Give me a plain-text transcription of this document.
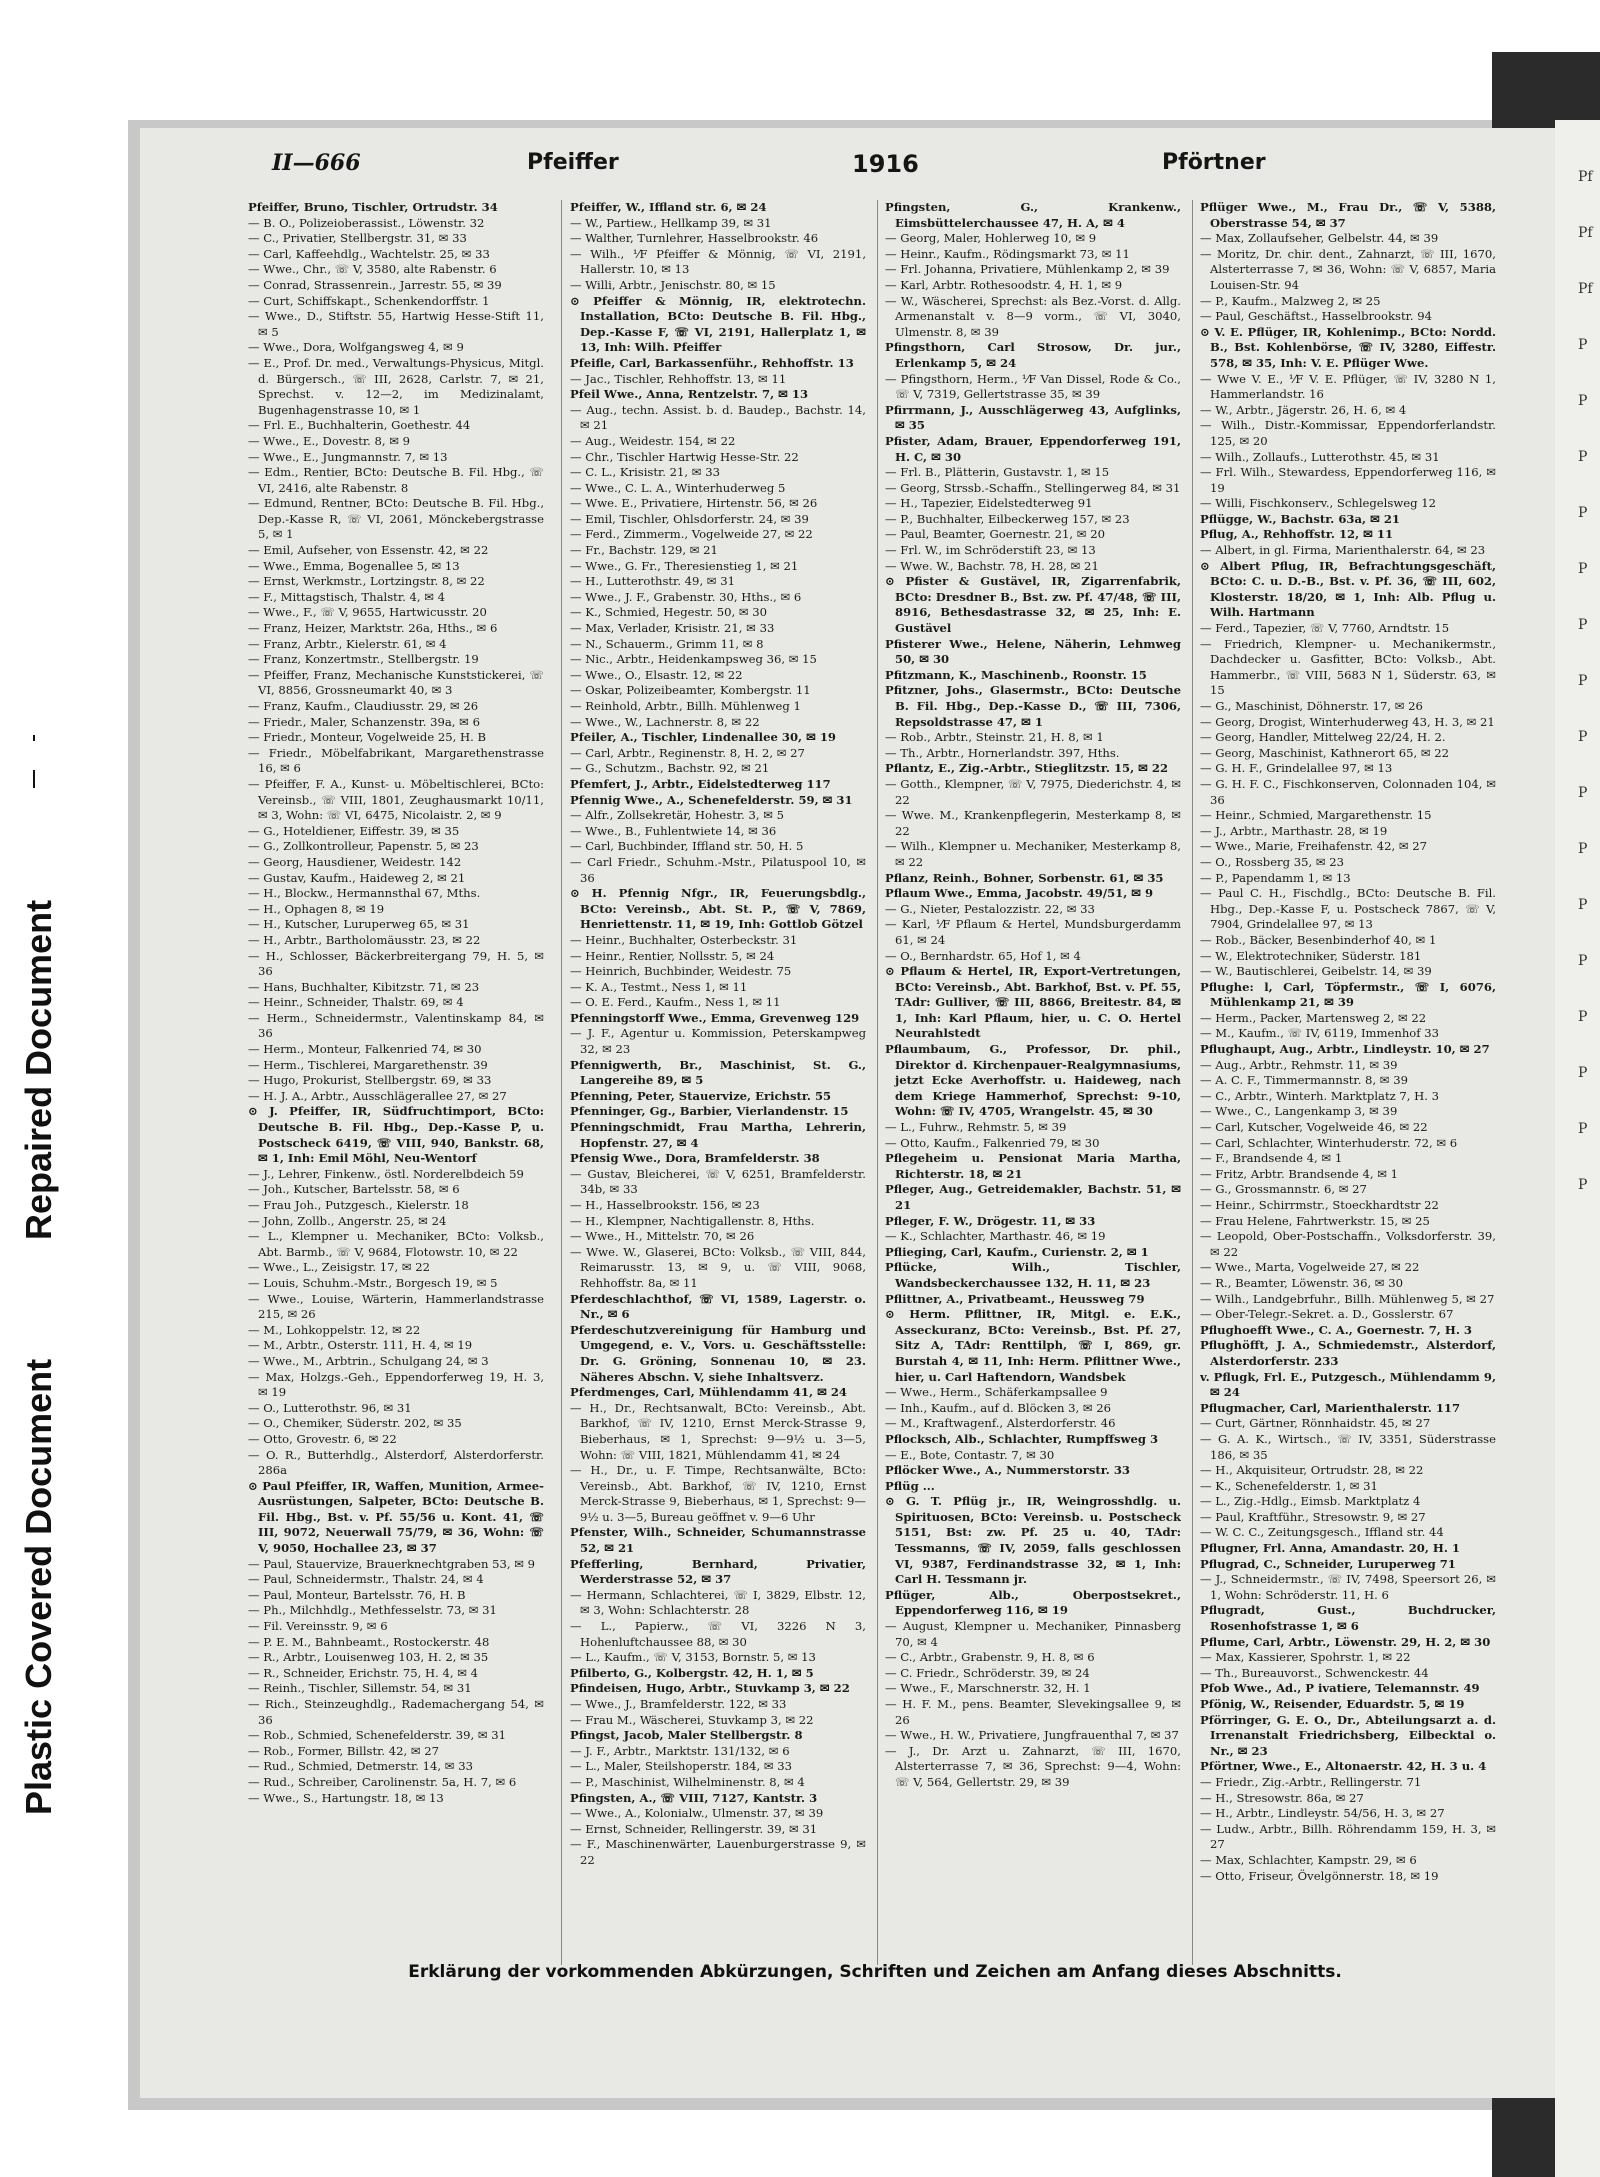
Plastic Covered Document
Repaired Document
Pf
Pf
Pf
P
P
P
P
P
P
P
P
P
P
P
P
P
P
P
P
II—666	Pfeiffer	1916	Pförtner

Pfeiffer, Bruno, Tischler, Ortrudstr. 34

— B. O., Polizeioberassist., Löwenstr. 32

— C., Privatier, Stellbergstr. 31, ✉ 33

— Carl, Kaffeehdlg., Wachtelstr. 25, ✉ 33

— Wwe., Chr., ☏ V, 3580, alte Rabenstr. 6

— Conrad, Strassenrein., Jarrestr. 55, ✉ 39

— Curt, Schiffskapt., Schenkendorffstr. 1

— Wwe., D., Stiftstr. 55, Hartwig Hesse-Stift 11, ✉ 5

— Wwe., Dora, Wolfgangsweg 4, ✉ 9

— E., Prof. Dr. med., Verwaltungs-Physicus, Mitgl. d. Bürgersch., ☏ III, 2628, Carlstr. 7, ✉ 21, Sprechst. v. 12—2, im Medizinalamt, Bugenhagenstrasse 10, ✉ 1

— Frl. E., Buchhalterin, Goethestr. 44

— Wwe., E., Dovestr. 8, ✉ 9

— Wwe., E., Jungmannstr. 7, ✉ 13

— Edm., Rentier, BCto: Deutsche B. Fil. Hbg., ☏ VI, 2416, alte Rabenstr. 8

— Edmund, Rentner, BCto: Deutsche B. Fil. Hbg., Dep.-Kasse R, ☏ VI, 2061, Mönckebergstrasse 5, ✉ 1

— Emil, Aufseher, von Essenstr. 42, ✉ 22

— Wwe., Emma, Bogenallee 5, ✉ 13

— Ernst, Werkmstr., Lortzingstr. 8, ✉ 22

— F., Mittagstisch, Thalstr. 4, ✉ 4

— Wwe., F., ☏ V, 9655, Hartwicusstr. 20

— Franz, Heizer, Marktstr. 26a, Hths., ✉ 6

— Franz, Arbtr., Kielerstr. 61, ✉ 4

— Franz, Konzertmstr., Stellbergstr. 19

— Pfeiffer, Franz, Mechanische Kunststickerei, ☏ VI, 8856, Grossneumarkt 40, ✉ 3

— Franz, Kaufm., Claudiusstr. 29, ✉ 26

— Friedr., Maler, Schanzenstr. 39a, ✉ 6

— Friedr., Monteur, Vogelweide 25, H. B

— Friedr., Möbelfabrikant, Margarethenstrasse 16, ✉ 6

— Pfeiffer, F. A., Kunst- u. Möbeltischlerei, BCto: Vereinsb., ☏ VIII, 1801, Zeughausmarkt 10/11, ✉ 3, Wohn: ☏ VI, 6475, Nicolaistr. 2, ✉ 9

— G., Hoteldiener, Eiffestr. 39, ✉ 35

— G., Zollkontrolleur, Papenstr. 5, ✉ 23

— Georg, Hausdiener, Weidestr. 142

— Gustav, Kaufm., Haideweg 2, ✉ 21

— H., Blockw., Hermannsthal 67, Mths.

— H., Ophagen 8, ✉ 19

— H., Kutscher, Luruperweg 65, ✉ 31

— H., Arbtr., Bartholomäusstr. 23, ✉ 22

— H., Schlosser, Bäckerbreitergang 79, H. 5, ✉ 36

— Hans, Buchhalter, Kibitzstr. 71, ✉ 23

— Heinr., Schneider, Thalstr. 69, ✉ 4

— Herm., Schneidermstr., Valentinskamp 84, ✉ 36

— Herm., Monteur, Falkenried 74, ✉ 30

— Herm., Tischlerei, Margarethenstr. 39

— Hugo, Prokurist, Stellbergstr. 69, ✉ 33

— H. J. A., Arbtr., Ausschlägerallee 27, ✉ 27

⊙ J. Pfeiffer, IR, Südfruchtimport, BCto: Deutsche B. Fil. Hbg., Dep.-Kasse P, u. Postscheck 6419, ☏ VIII, 940, Bankstr. 68, ✉ 1, Inh: Emil Möhl, Neu-Wentorf

— J., Lehrer, Finkenw., östl. Norderelbdeich 59

— Joh., Kutscher, Bartelsstr. 58, ✉ 6

— Frau Joh., Putzgesch., Kielerstr. 18

— John, Zollb., Angerstr. 25, ✉ 24

— L., Klempner u. Mechaniker, BCto: Volksb., Abt. Barmb., ☏ V, 9684, Flotowstr. 10, ✉ 22

— Wwe., L., Zeisigstr. 17, ✉ 22

— Louis, Schuhm.-Mstr., Borgesch 19, ✉ 5

— Wwe., Louise, Wärterin, Hammerlandstrasse 215, ✉ 26

— M., Lohkoppelstr. 12, ✉ 22

— M., Arbtr., Osterstr. 111, H. 4, ✉ 19

— Wwe., M., Arbtrin., Schulgang 24, ✉ 3

— Max, Holzgs.-Geh., Eppendorferweg 19, H. 3, ✉ 19

— O., Lutterothstr. 96, ✉ 31

— O., Chemiker, Süderstr. 202, ✉ 35

— Otto, Grovestr. 6, ✉ 22

— O. R., Butterhdlg., Alsterdorf, Alsterdorferstr. 286a

⊙ Paul Pfeiffer, IR, Waffen, Munition, Armee-Ausrüstungen, Salpeter, BCto: Deutsche B. Fil. Hbg., Bst. v. Pf. 55/56 u. Kont. 41, ☏ III, 9072, Neuerwall 75/79, ✉ 36, Wohn: ☏ V, 9050, Hochallee 23, ✉ 37

— Paul, Stauervize, Brauerknechtgraben 53, ✉ 9

— Paul, Schneidermstr., Thalstr. 24, ✉ 4

— Paul, Monteur, Bartelsstr. 76, H. B

— Ph., Milchhdlg., Methfesselstr. 73, ✉ 31

— Fil. Vereinsstr. 9, ✉ 6

— P. E. M., Bahnbeamt., Rostockerstr. 48

— R., Arbtr., Louisenweg 103, H. 2, ✉ 35

— R., Schneider, Erichstr. 75, H. 4, ✉ 4

— Reinh., Tischler, Sillemstr. 54, ✉ 31

— Rich., Steinzeughdlg., Rademachergang 54, ✉ 36

— Rob., Schmied, Schenefelderstr. 39, ✉ 31

— Rob., Former, Billstr. 42, ✉ 27

— Rud., Schmied, Detmerstr. 14, ✉ 33

— Rud., Schreiber, Carolinenstr. 5a, H. 7, ✉ 6

— Wwe., S., Hartungstr. 18, ✉ 13

Pfeiffer, W., Iffland str. 6, ✉ 24

— W., Partiew., Hellkamp 39, ✉ 31

— Walther, Turnlehrer, Hasselbrookstr. 46

— Wilh., ⅟F Pfeiffer & Mönnig, ☏ VI, 2191, Hallerstr. 10, ✉ 13

— Willi, Arbtr., Jenischstr. 80, ✉ 15

⊙ Pfeiffer & Mönnig, IR, elektrotechn. Installation, BCto: Deutsche B. Fil. Hbg., Dep.-Kasse F, ☏ VI, 2191, Hallerplatz 1, ✉ 13, Inh: Wilh. Pfeiffer

Pfeifle, Carl, Barkassenführ., Rehhoffstr. 13

— Jac., Tischler, Rehhoffstr. 13, ✉ 11

Pfeil Wwe., Anna, Rentzelstr. 7, ✉ 13

— Aug., techn. Assist. b. d. Baudep., Bachstr. 14, ✉ 21

— Aug., Weidestr. 154, ✉ 22

— Chr., Tischler Hartwig Hesse-Str. 22

— C. L., Krisistr. 21, ✉ 33

— Wwe., C. L. A., Winterhuderweg 5

— Wwe. E., Privatiere, Hirtenstr. 56, ✉ 26

— Emil, Tischler, Ohlsdorferstr. 24, ✉ 39

— Ferd., Zimmerm., Vogelweide 27, ✉ 22

— Fr., Bachstr. 129, ✉ 21

— Wwe., G. Fr., Theresienstieg 1, ✉ 21

— H., Lutterothstr. 49, ✉ 31

— Wwe., J. F., Grabenstr. 30, Hths., ✉ 6

— K., Schmied, Hegestr. 50, ✉ 30

— Max, Verlader, Krisistr. 21, ✉ 33

— N., Schauerm., Grimm 11, ✉ 8

— Nic., Arbtr., Heidenkampsweg 36, ✉ 15

— Wwe., O., Elsastr. 12, ✉ 22

— Oskar, Polizeibeamter, Kombergstr. 11

— Reinhold, Arbtr., Billh. Mühlenweg 1

— Wwe., W., Lachnerstr. 8, ✉ 22

Pfeiler, A., Tischler, Lindenallee 30, ✉ 19

— Carl, Arbtr., Reginenstr. 8, H. 2, ✉ 27

— G., Schutzm., Bachstr. 92, ✉ 21

Pfemfert, J., Arbtr., Eidelstedterweg 117

Pfennig Wwe., A., Schenefelderstr. 59, ✉ 31

— Alfr., Zollsekretär, Hohestr. 3, ✉ 5

— Wwe., B., Fuhlentwiete 14, ✉ 36

— Carl, Buchbinder, Iffland str. 50, H. 5

— Carl Friedr., Schuhm.-Mstr., Pilatuspool 10, ✉ 36

⊙ H. Pfennig Nfgr., IR, Feuerungsbdlg., BCto: Vereinsb., Abt. St. P., ☏ V, 7869, Henriettenstr. 11, ✉ 19, Inh: Gottlob Götzel

— Heinr., Buchhalter, Osterbeckstr. 31

— Heinr., Rentier, Nollsstr. 5, ✉ 24

— Heinrich, Buchbinder, Weidestr. 75

— K. A., Testmt., Ness 1, ✉ 11

— O. E. Ferd., Kaufm., Ness 1, ✉ 11

Pfenningstorff Wwe., Emma, Grevenweg 129

— J. F., Agentur u. Kommission, Peterskampweg 32, ✉ 23

Pfennigwerth, Br., Maschinist, St. G., Langereihe 89, ✉ 5

Pfenning, Peter, Stauervize, Erichstr. 55

Pfenninger, Gg., Barbier, Vierlandenstr. 15

Pfenningschmidt, Frau Martha, Lehrerin, Hopfenstr. 27, ✉ 4

Pfensig Wwe., Dora, Bramfelderstr. 38

— Gustav, Bleicherei, ☏ V, 6251, Bramfelderstr. 34b, ✉ 33

— H., Hasselbrookstr. 156, ✉ 23

— H., Klempner, Nachtigallenstr. 8, Hths.

— Wwe., H., Mittelstr. 70, ✉ 26

— Wwe. W., Glaserei, BCto: Volksb., ☏ VIII, 844, Reimarusstr. 13, ✉ 9, u. ☏ VIII, 9068, Rehhoffstr. 8a, ✉ 11

Pferdeschlachthof, ☏ VI, 1589, Lagerstr. o. Nr., ✉ 6

Pferdeschutzvereinigung für Hamburg und Umgegend, e. V., Vors. u. Geschäftsstelle: Dr. G. Gröning, Sonnenau 10, ✉ 23. Näheres Abschn. V, siehe Inhaltsverz.

Pferdmenges, Carl, Mühlendamm 41, ✉ 24

— H., Dr., Rechtsanwalt, BCto: Vereinsb., Abt. Barkhof, ☏ IV, 1210, Ernst Merck-Strasse 9, Bieberhaus, ✉ 1, Sprechst: 9—9½ u. 3—5, Wohn: ☏ VIII, 1821, Mühlendamm 41, ✉ 24

— H., Dr., u. F. Timpe, Rechtsanwälte, BCto: Vereinsb., Abt. Barkhof, ☏ IV, 1210, Ernst Merck-Strasse 9, Bieberhaus, ✉ 1, Sprechst: 9—9½ u. 3—5, Bureau geöffnet v. 9—6 Uhr

Pfenster, Wilh., Schneider, Schumannstrasse 52, ✉ 21

Pfefferling, Bernhard, Privatier, Werderstrasse 52, ✉ 37

— Hermann, Schlachterei, ☏ I, 3829, Elbstr. 12, ✉ 3, Wohn: Schlachterstr. 28

— L., Papierw., ☏ VI, 3226 N 3, Hohenluftchaussee 88, ✉ 30

— L., Kaufm., ☏ V, 3153, Bornstr. 5, ✉ 13

Pfilberto, G., Kolbergstr. 42, H. 1, ✉ 5

Pfindeisen, Hugo, Arbtr., Stuvkamp 3, ✉ 22

— Wwe., J., Bramfelderstr. 122, ✉ 33

— Frau M., Wäscherei, Stuvkamp 3, ✉ 22

Pfingst, Jacob, Maler Stellbergstr. 8

— J. F., Arbtr., Marktstr. 131/132, ✉ 6

— L., Maler, Steilshoperstr. 184, ✉ 33

— P., Maschinist, Wilhelminenstr. 8, ✉ 4

Pfingsten, A., ☏ VIII, 7127, Kantstr. 3

— Wwe., A., Kolonialw., Ulmenstr. 37, ✉ 39

— Ernst, Schneider, Rellingerstr. 39, ✉ 31

— F., Maschinenwärter, Lauenburgerstrasse 9, ✉ 22

Pfingsten, G., Krankenw., Eimsbüttelerchaussee 47, H. A, ✉ 4

— Georg, Maler, Hohlerweg 10, ✉ 9

— Heinr., Kaufm., Rödingsmarkt 73, ✉ 11

— Frl. Johanna, Privatiere, Mühlenkamp 2, ✉ 39

— Karl, Arbtr. Rothesoodstr. 4, H. 1, ✉ 9

— W., Wäscherei, Sprechst: als Bez.-Vorst. d. Allg. Armenanstalt v. 8—9 vorm., ☏ VI, 3040, Ulmenstr. 8, ✉ 39

Pfingsthorn, Carl Strosow, Dr. jur., Erlenkamp 5, ✉ 24

— Pfingsthorn, Herm., ⅟F Van Dissel, Rode & Co., ☏ V, 7319, Gellertstrasse 35, ✉ 39

Pfirrmann, J., Ausschlägerweg 43, Aufglinks, ✉ 35

Pfister, Adam, Brauer, Eppendorferweg 191, H. C, ✉ 30

— Frl. B., Plätterin, Gustavstr. 1, ✉ 15

— Georg, Strssb.-Schaffn., Stellingerweg 84, ✉ 31

— H., Tapezier, Eidelstedterweg 91

— P., Buchhalter, Eilbeckerweg 157, ✉ 23

— Paul, Beamter, Goernestr. 21, ✉ 20

— Frl. W., im Schröderstift 23, ✉ 13

— Wwe. W., Bachstr. 78, H. 28, ✉ 21

⊙ Pfister & Gustävel, IR, Zigarrenfabrik, BCto: Dresdner B., Bst. zw. Pf. 47/48, ☏ III, 8916, Bethesdastrasse 32, ✉ 25, Inh: E. Gustävel

Pfisterer Wwe., Helene, Näherin, Lehmweg 50, ✉ 30

Pfitzmann, K., Maschinenb., Roonstr. 15

Pfitzner, Johs., Glasermstr., BCto: Deutsche B. Fil. Hbg., Dep.-Kasse D., ☏ III, 7306, Repsoldstrasse 47, ✉ 1

— Rob., Arbtr., Steinstr. 21, H. 8, ✉ 1

— Th., Arbtr., Hornerlandstr. 397, Hths.

Pflantz, E., Zig.-Arbtr., Stieglitzstr. 15, ✉ 22

— Gotth., Klempner, ☏ V, 7975, Diederichstr. 4, ✉ 22

— Wwe. M., Krankenpflegerin, Mesterkamp 8, ✉ 22

— Wilh., Klempner u. Mechaniker, Mesterkamp 8, ✉ 22

Pflanz, Reinh., Bohner, Sorbenstr. 61, ✉ 35

Pflaum Wwe., Emma, Jacobstr. 49/51, ✉ 9

— G., Nieter, Pestalozzistr. 22, ✉ 33

— Karl, ⅟F Pflaum & Hertel, Mundsburgerdamm 61, ✉ 24

— O., Bernhardstr. 65, Hof 1, ✉ 4

⊙ Pflaum & Hertel, IR, Export-Vertretungen, BCto: Vereinsb., Abt. Barkhof, Bst. v. Pf. 55, TAdr: Gulliver, ☏ III, 8866, Breitestr. 84, ✉ 1, Inh: Karl Pflaum, hier, u. C. O. Hertel Neurahlstedt

Pflaumbaum, G., Professor, Dr. phil., Direktor d. Kirchenpauer-Realgymnasiums, jetzt Ecke Averhoffstr. u. Haideweg, nach dem Kriege Hammerhof, Sprechst: 9-10, Wohn: ☏ IV, 4705, Wrangelstr. 45, ✉ 30

— L., Fuhrw., Rehmstr. 5, ✉ 39

— Otto, Kaufm., Falkenried 79, ✉ 30

Pflegeheim u. Pensionat Maria Martha, Richterstr. 18, ✉ 21

Pfleger, Aug., Getreidemakler, Bachstr. 51, ✉ 21

Pfleger, F. W., Drögestr. 11, ✉ 33

— K., Schlachter, Marthastr. 46, ✉ 19

Pflieging, Carl, Kaufm., Curienstr. 2, ✉ 1

Pflücke, Wilh., Tischler, Wandsbeckerchaussee 132, H. 11, ✉ 23

Pflittner, A., Privatbeamt., Heussweg 79

⊙ Herm. Pflittner, IR, Mitgl. e. E.K., Asseckuranz, BCto: Vereinsb., Bst. Pf. 27, Sitz A, TAdr: Renttilph, ☏ I, 869, gr. Burstah 4, ✉ 11, Inh: Herm. Pflittner Wwe., hier, u. Carl Haftendorn, Wandsbek

— Wwe., Herm., Schäferkampsallee 9

— Inh., Kaufm., auf d. Blöcken 3, ✉ 26

— M., Kraftwagenf., Alsterdorferstr. 46

Pflocksch, Alb., Schlachter, Rumpffsweg 3

— E., Bote, Contastr. 7, ✉ 30

Pflöcker Wwe., A., Nummerstorstr. 33

Pflüg ...

⊙ G. T. Pflüg jr., IR, Weingrosshdlg. u. Spirituosen, BCto: Vereinsb. u. Postscheck 5151, Bst: zw. Pf. 25 u. 40, TAdr: Tessmanns, ☏ IV, 2059, falls geschlossen VI, 9387, Ferdinandstrasse 32, ✉ 1, Inh: Carl H. Tessmann jr.

Pflüger, Alb., Oberpostsekret., Eppendorferweg 116, ✉ 19

— August, Klempner u. Mechaniker, Pinnasberg 70, ✉ 4

— C., Arbtr., Grabenstr. 9, H. 8, ✉ 6

— C. Friedr., Schröderstr. 39, ✉ 24

— Wwe., F., Marschnerstr. 32, H. 1

— H. F. M., pens. Beamter, Slevekingsallee 9, ✉ 26

— Wwe., H. W., Privatiere, Jungfrauenthal 7, ✉ 37

— J., Dr. Arzt u. Zahnarzt, ☏ III, 1670, Alsterterrasse 7, ✉ 36, Sprechst: 9—4, Wohn: ☏ V, 564, Gellertstr. 29, ✉ 39

Pflüger Wwe., M., Frau Dr., ☏ V, 5388, Oberstrasse 54, ✉ 37

— Max, Zollaufseher, Gelbelstr. 44, ✉ 39

— Moritz, Dr. chir. dent., Zahnarzt, ☏ III, 1670, Alsterterrasse 7, ✉ 36, Wohn: ☏ V, 6857, Maria Louisen-Str. 94

— P., Kaufm., Malzweg 2, ✉ 25

— Paul, Geschäftst., Hasselbrookstr. 94

⊙ V. E. Pflüger, IR, Kohlenimp., BCto: Nordd. B., Bst. Kohlenbörse, ☏ IV, 3280, Eiffestr. 578, ✉ 35, Inh: V. E. Pflüger Wwe.

— Wwe V. E., ⅟F V. E. Pflüger, ☏ IV, 3280 N 1, Hammerlandstr. 16

— W., Arbtr., Jägerstr. 26, H. 6, ✉ 4

— Wilh., Distr.-Kommissar, Eppendorferlandstr. 125, ✉ 20

— Wilh., Zollaufs., Lutterothstr. 45, ✉ 31

— Frl. Wilh., Stewardess, Eppendorferweg 116, ✉ 19

— Willi, Fischkonserv., Schlegelsweg 12

Pflügge, W., Bachstr. 63a, ✉ 21

Pflug, A., Rehhoffstr. 12, ✉ 11

— Albert, in gl. Firma, Marienthalerstr. 64, ✉ 23

⊙ Albert Pflug, IR, Befrachtungsgeschäft, BCto: C. u. D.-B., Bst. v. Pf. 36, ☏ III, 602, Klosterstr. 18/20, ✉ 1, Inh: Alb. Pflug u. Wilh. Hartmann

— Ferd., Tapezier, ☏ V, 7760, Arndtstr. 15

— Friedrich, Klempner- u. Mechanikermstr., Dachdecker u. Gasfitter, BCto: Volksb., Abt. Hammerbr., ☏ VIII, 5683 N 1, Süderstr. 63, ✉ 15

— G., Maschinist, Döhnerstr. 17, ✉ 26

— Georg, Drogist, Winterhuderweg 43, H. 3, ✉ 21

— Georg, Handler, Mittelweg 22/24, H. 2.

— Georg, Maschinist, Kathnerort 65, ✉ 22

— G. H. F., Grindelallee 97, ✉ 13

— G. H. F. C., Fischkonserven, Colonnaden 104, ✉ 36

— Heinr., Schmied, Margarethenstr. 15

— J., Arbtr., Marthastr. 28, ✉ 19

— Wwe., Marie, Freihafenstr. 42, ✉ 27

— O., Rossberg 35, ✉ 23

— P., Papendamm 1, ✉ 13

— Paul C. H., Fischdlg., BCto: Deutsche B. Fil. Hbg., Dep.-Kasse F, u. Postscheck 7867, ☏ V, 7904, Grindelallee 97, ✉ 13

— Rob., Bäcker, Besenbinderhof 40, ✉ 1

— W., Elektrotechniker, Süderstr. 181

— W., Bautischlerei, Geibelstr. 14, ✉ 39

Pflughe: l, Carl, Töpfermstr., ☏ I, 6076, Mühlenkamp 21, ✉ 39

— Herm., Packer, Martensweg 2, ✉ 22

— M., Kaufm., ☏ IV, 6119, Immenhof 33

Pflughaupt, Aug., Arbtr., Lindleystr. 10, ✉ 27

— Aug., Arbtr., Rehmstr. 11, ✉ 39

— A. C. F., Timmermannstr. 8, ✉ 39

— C., Arbtr., Winterh. Marktplatz 7, H. 3

— Wwe., C., Langenkamp 3, ✉ 39

— Carl, Kutscher, Vogelweide 46, ✉ 22

— Carl, Schlachter, Winterhuderstr. 72, ✉ 6

— F., Brandsende 4, ✉ 1

— Fritz, Arbtr. Brandsende 4, ✉ 1

— G., Grossmannstr. 6, ✉ 27

— Heinr., Schirrmstr., Stoeckhardtstr 22

— Frau Helene, Fahrtwerkstr. 15, ✉ 25

— Leopold, Ober-Postschaffn., Volksdorferstr. 39, ✉ 22

— Wwe., Marta, Vogelweide 27, ✉ 22

— R., Beamter, Löwenstr. 36, ✉ 30

— Wilh., Landgebrfuhr., Billh. Mühlenweg 5, ✉ 27

— Ober-Telegr.-Sekret. a. D., Gosslerstr. 67

Pflughoefft Wwe., C. A., Goernestr. 7, H. 3

Pflughöfft, J. A., Schmiedemstr., Alsterdorf, Alsterdorferstr. 233

v. Pflugk, Frl. E., Putzgesch., Mühlendamm 9, ✉ 24

Pflugmacher, Carl, Marienthalerstr. 117

— Curt, Gärtner, Rönnhaidstr. 45, ✉ 27

— G. A. K., Wirtsch., ☏ IV, 3351, Süderstrasse 186, ✉ 35

— H., Akquisiteur, Ortrudstr. 28, ✉ 22

— K., Schenefelderstr. 1, ✉ 31

— L., Zig.-Hdlg., Eimsb. Marktplatz 4

— Paul, Kraftführ., Stresowstr. 9, ✉ 27

— W. C. C., Zeitungsgesch., Iffland str. 44

Pflugner, Frl. Anna, Amandastr. 20, H. 1

Pflugrad, C., Schneider, Luruperweg 71

— J., Schneidermstr., ☏ IV, 7498, Speersort 26, ✉ 1, Wohn: Schröderstr. 11, H. 6

Pflugradt, Gust., Buchdrucker, Rosenhofstrasse 1, ✉ 6

Pflume, Carl, Arbtr., Löwenstr. 29, H. 2, ✉ 30

— Max, Kassierer, Spohrstr. 1, ✉ 22

— Th., Bureauvorst., Schwenckestr. 44

Pfob Wwe., Ad., P ivatiere, Telemannstr. 49

Pfönig, W., Reisender, Eduardstr. 5, ✉ 19

Pförringer, G. E. O., Dr., Abteilungsarzt a. d. Irrenanstalt Friedrichsberg, Eilbecktal o. Nr., ✉ 23

Pförtner, Wwe., E., Altonaerstr. 42, H. 3 u. 4

— Friedr., Zig.-Arbtr., Rellingerstr. 71

— H., Stresowstr. 86a, ✉ 27

— H., Arbtr., Lindleystr. 54/56, H. 3, ✉ 27

— Ludw., Arbtr., Billh. Röhrendamm 159, H. 3, ✉ 27

— Max, Schlachter, Kampstr. 29, ✉ 6

— Otto, Friseur, Övelgönnerstr. 18, ✉ 19

Erklärung der vorkommenden Abkürzungen, Schriften und Zeichen am Anfang dieses Abschnitts.
